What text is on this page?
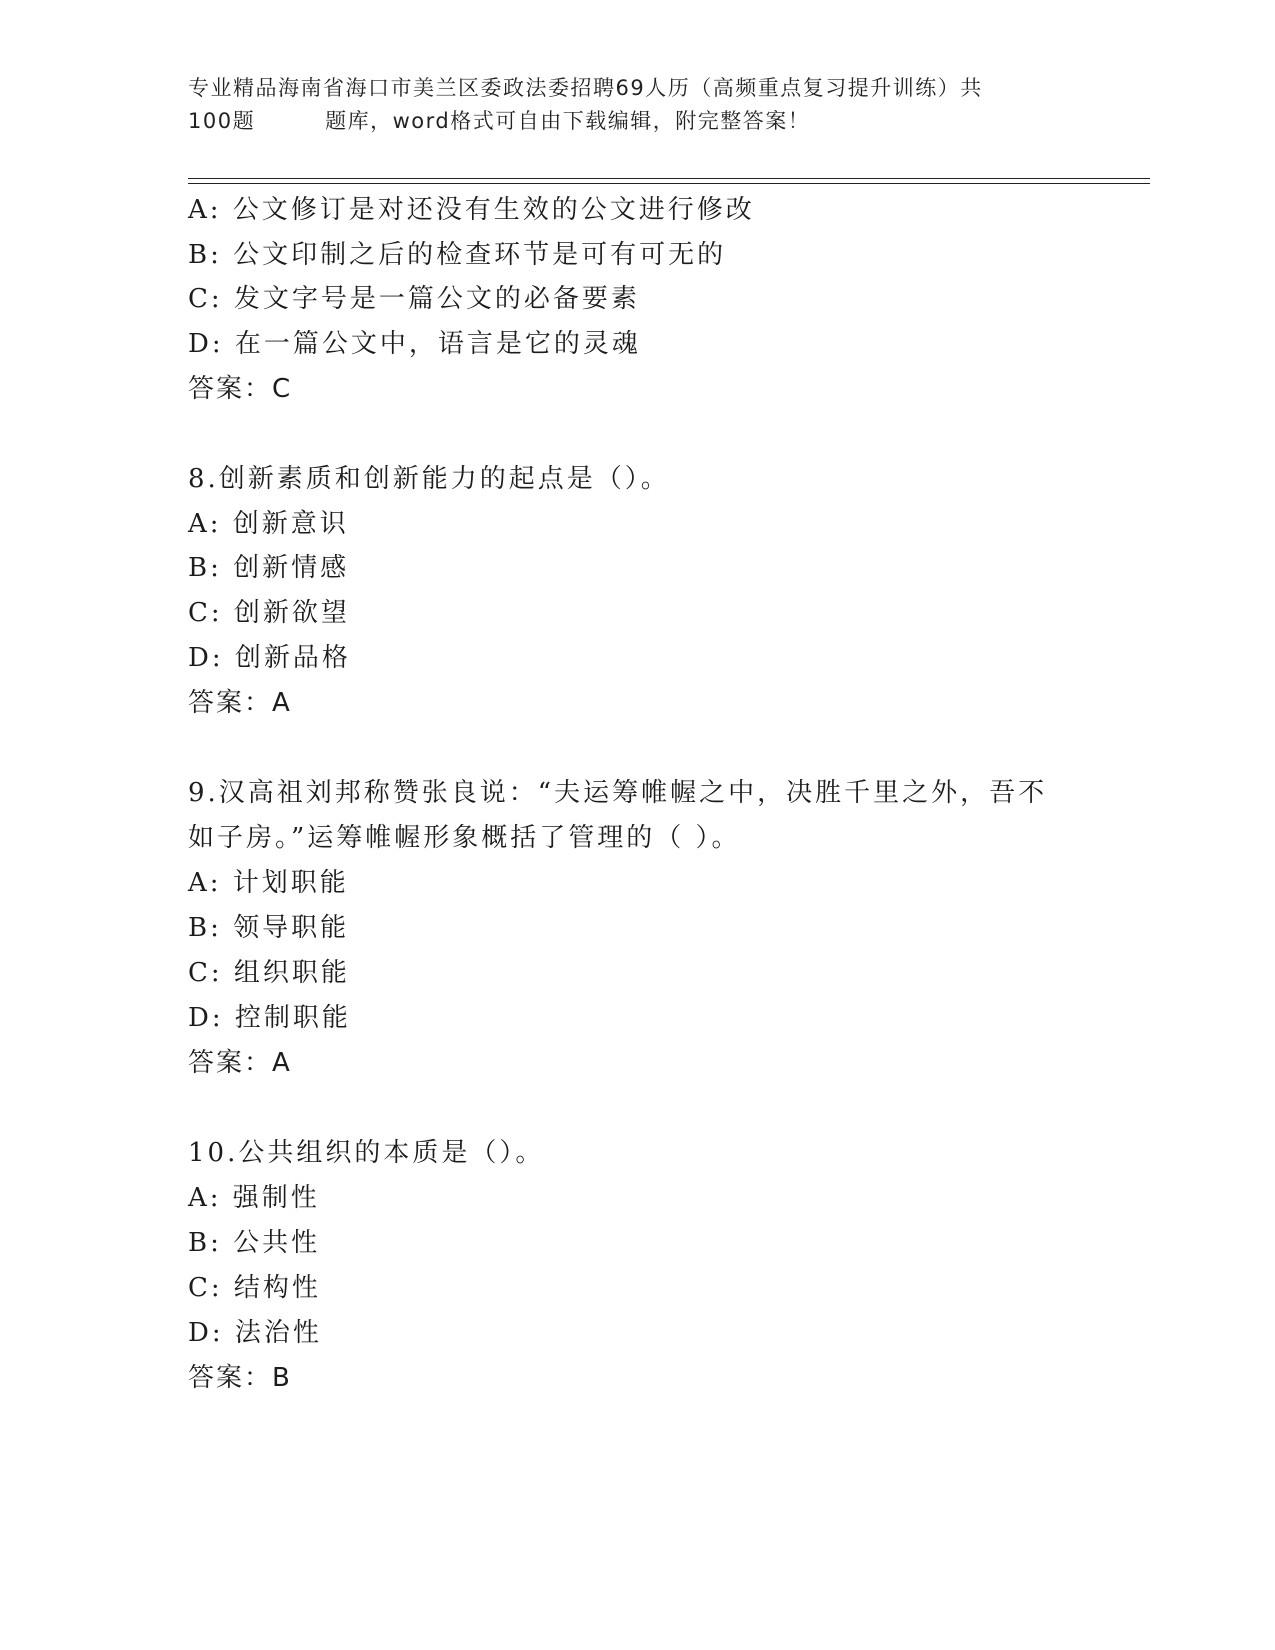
专业精品海南省海口市美兰区委政法委招聘69人历（高频重点复习提升训练）共
100题	题库，word格式可自由下载编辑，附完整答案！
A: 公文修订是对还没有生效的公文进行修改
B: 公文印制之后的检查环节是可有可无的
C: 发文字号是一篇公文的必备要素
D: 在一篇公文中，语言是它的灵魂
答案：C
8.创新素质和创新能力的起点是（）。
A: 创新意识
B: 创新情感
C: 创新欲望
D: 创新品格
答案：A
9.汉高祖刘邦称赞张良说：“夫运筹帷幄之中，决胜千里之外，吾不
如子房。”运筹帷幄形象概括了管理的（ ）。
A: 计划职能
B: 领导职能
C: 组织职能
D: 控制职能
答案：A
10.公共组织的本质是（）。
A: 强制性
B: 公共性
C: 结构性
D: 法治性
答案：B
